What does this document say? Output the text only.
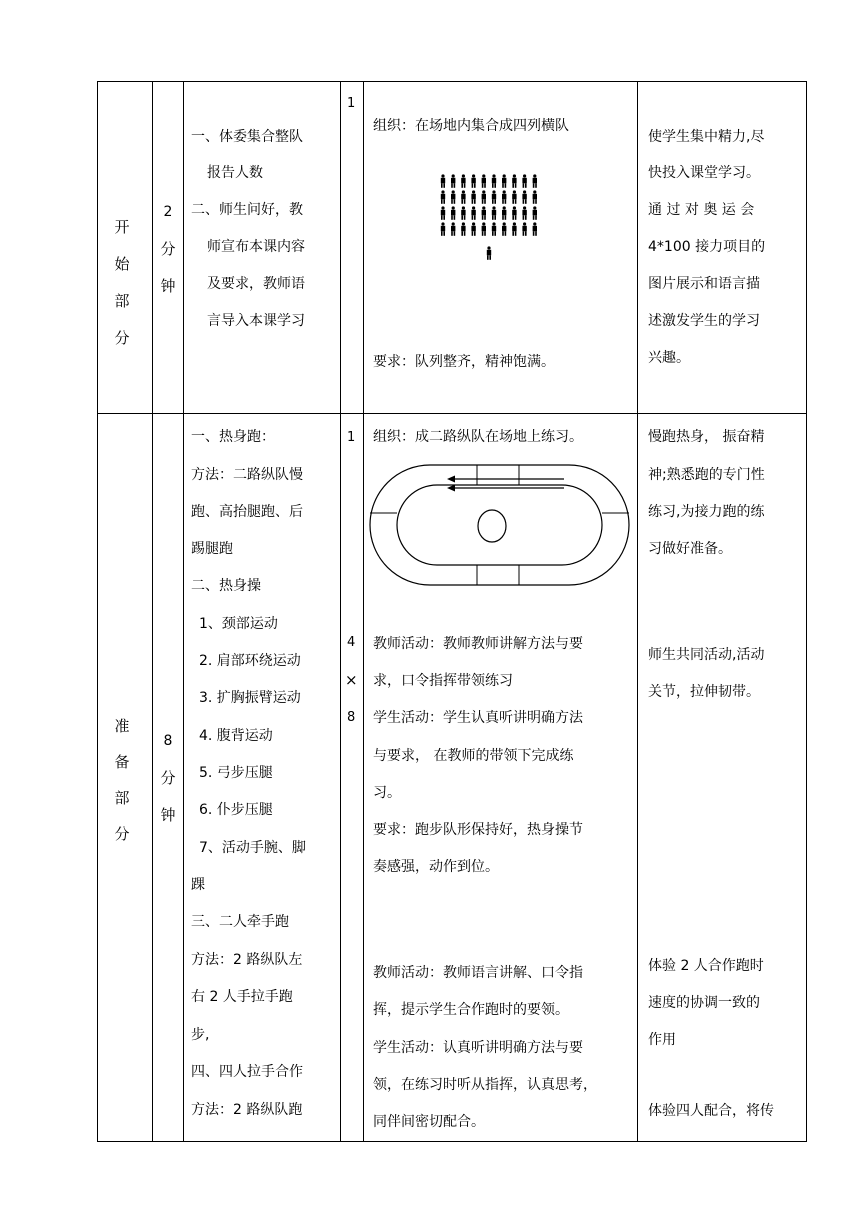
开
始
部
分
2
分
钟
一、体委集合整队
报告人数
二、师生问好，教
师宣布本课内容
及要求，教师语
言导入本课学习
1
组织：在场地内集合成四列横队
要求：队列整齐，精神饱满。
使学生集中精力,尽
快投入课堂学习。
通 过 对 奥 运 会
4*100 接力项目的
图片展示和语言描
述激发学生的学习
兴趣。
准
备
部
分
8
分
钟
一、热身跑：
方法：二路纵队慢
跑、高抬腿跑、后
踢腿跑
二、热身操
1、颈部运动
2. 肩部环绕运动
3. 扩胸振臂运动
4. 腹背运动
5. 弓步压腿
6. 仆步压腿
7、活动手腕、脚
踝
三、二人牵手跑
方法：2 路纵队左
右 2 人手拉手跑
步,
四、四人拉手合作
方法：2 路纵队跑
1
4
×
8
组织：成二路纵队在场地上练习。
教师活动：教师教师讲解方法与要
求，口令指挥带领练习
学生活动：学生认真听讲明确方法
与要求， 在教师的带领下完成练
习。
要求：跑步队形保持好，热身操节
奏感强，动作到位。
教师活动：教师语言讲解、口令指
挥，提示学生合作跑时的要领。
学生活动：认真听讲明确方法与要
领，在练习时听从指挥，认真思考，
同伴间密切配合。
慢跑热身， 振奋精
神;熟悉跑的专门性
练习,为接力跑的练
习做好准备。
师生共同活动,活动
关节，拉伸韧带。
体验 2 人合作跑时
速度的协调一致的
作用
体验四人配合，将传
